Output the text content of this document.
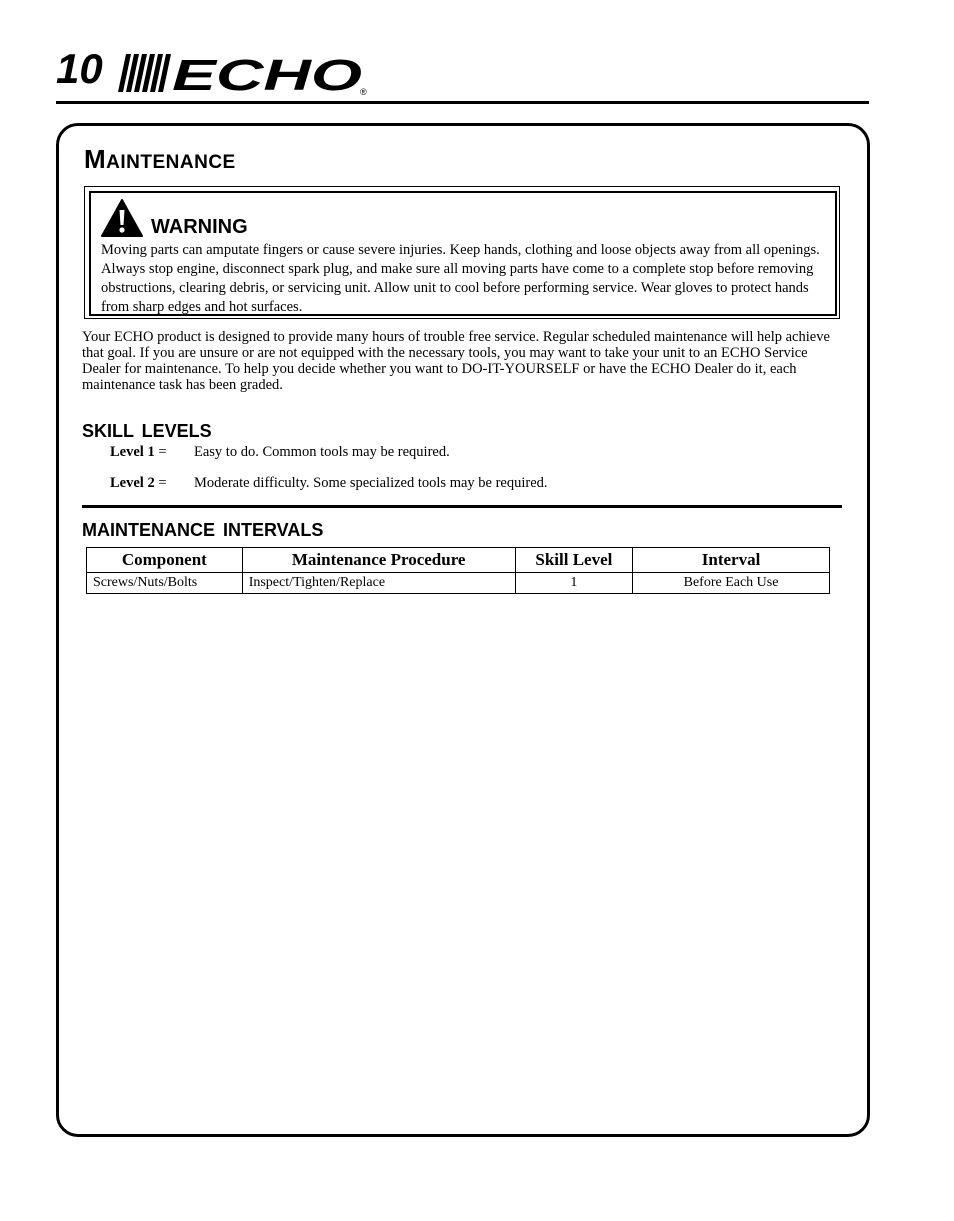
10 ECHO
®
MAINTENANCE
WARNING
Moving parts can amputate fingers or cause severe injuries. Keep hands, clothing and loose objects away from all openings. Always stop engine, disconnect spark plug, and make sure all moving parts have come to a complete stop before removing obstructions, clearing debris, or servicing unit. Allow unit to cool before performing service. Wear gloves to protect hands from sharp edges and hot surfaces.
Your ECHO product is designed to provide many hours of trouble free service. Regular scheduled maintenance will help achieve that goal. If you are unsure or are not equipped with the necessary tools, you may want to take your unit to an ECHO Service Dealer for maintenance. To help you decide whether you want to DO-IT-YOURSELF or have the ECHO Dealer do it, each maintenance task has been graded.
SKILL LEVELS
Level 1 = Easy to do. Common tools may be required.
Level 2 = Moderate difficulty. Some specialized tools may be required.
MAINTENANCE INTERVALS
Component	Maintenance Procedure	Skill Level	Interval
Screws/Nuts/Bolts	Inspect/Tighten/Replace	1	Before Each Use
